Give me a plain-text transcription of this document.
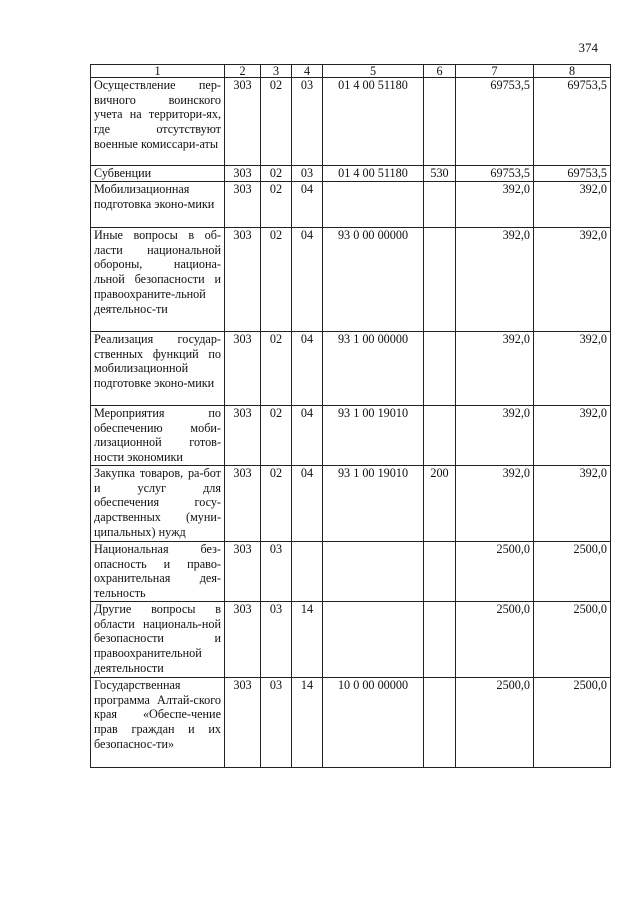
374
1	2	3	4	5	6	7	8
Осуществление пер-вичного воинского учета на территори-ях, где отсутствуют военные комиссари-аты	303	02	03	01 4 00 51180		69753,5	69753,5
Субвенции	303	02	03	01 4 00 51180	530	69753,5	69753,5
Мобилизационная подготовка эконо-мики	303	02	04			392,0	392,0
Иные вопросы в об-ласти национальной обороны, национа-льной безопасности и правоохранитe-льной деятельнос-ти	303	02	04	93 0 00 00000		392,0	392,0
Реализация государ-ственных функций по мобилизационной подготовке эконо-мики	303	02	04	93 1 00 00000		392,0	392,0
Мероприятия по обеспечению моби-лизационной готов-ности экономики	303	02	04	93 1 00 19010		392,0	392,0
Закупка товаров, ра-бот и услуг для обеспечения госу-дарственных (муни-ципальных) нужд	303	02	04	93 1 00 19010	200	392,0	392,0
Национальная без-опасность и право-охранительная дея-тельность	303	03				2500,0	2500,0
Другие вопросы в области националь-ной безопасности и правоохранительной деятельности	303	03	14			2500,0	2500,0
Государственная программа Алтай-ского края «Обеспе-чение прав граждан и их безопаснос-ти»	303	03	14	10 0 00 00000		2500,0	2500,0
